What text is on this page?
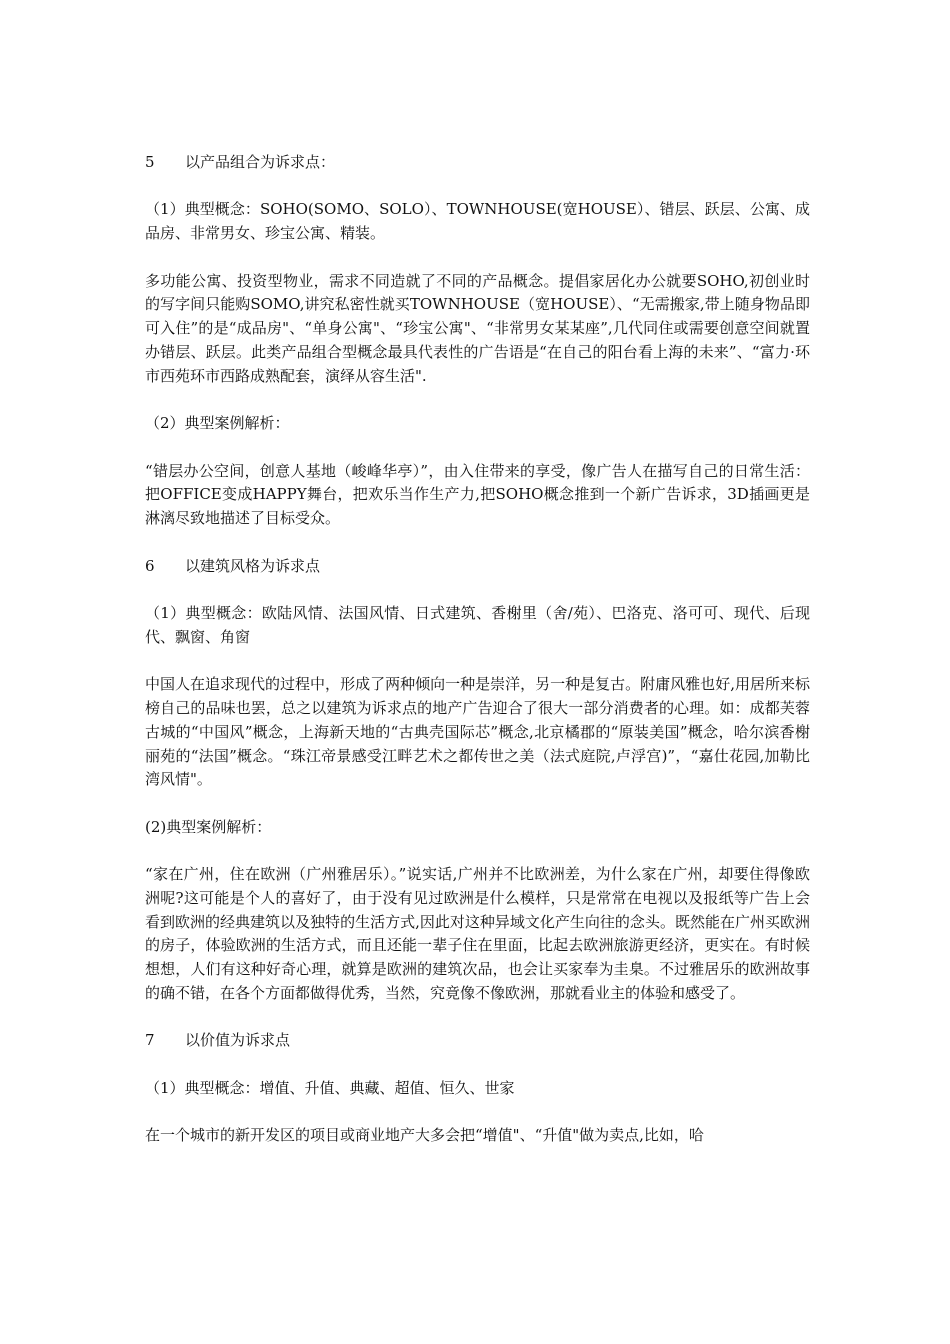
5 以产品组合为诉求点：

（1）典型概念：SOHO(SOMO、SOLO）、TOWNHOUSE(宽HOUSE）、错层、跃层、公寓、成品房、非常男女、珍宝公寓、精装。

多功能公寓、投资型物业，需求不同造就了不同的产品概念。提倡家居化办公就要SOHO,初创业时的写字间只能购SOMO,讲究私密性就买TOWNHOUSE（宽HOUSE）、“无需搬家,带上随身物品即可入住”的是“成品房"、“单身公寓"、“珍宝公寓"、“非常男女某某座”,几代同住或需要创意空间就置办错层、跃层。此类产品组合型概念最具代表性的广告语是“在自己的阳台看上海的未来”、“富力·环市西苑环市西路成熟配套，演绎从容生活".

（2）典型案例解析：

“错层办公空间，创意人基地（峻峰华亭）”，由入住带来的享受，像广告人在描写自己的日常生活：把OFFICE变成HAPPY舞台，把欢乐当作生产力,把SOHO概念推到一个新广告诉求，3D插画更是淋漓尽致地描述了目标受众。

6 以建筑风格为诉求点

（1）典型概念：欧陆风情、法国风情、日式建筑、香榭里（舍/苑）、巴洛克、洛可可、现代、后现代、飘窗、角窗

中国人在追求现代的过程中，形成了两种倾向一种是崇洋，另一种是复古。附庸风雅也好,用居所来标榜自己的品味也罢，总之以建筑为诉求点的地产广告迎合了很大一部分消费者的心理。如：成都芙蓉古城的“中国风”概念，上海新天地的“古典壳国际芯”概念,北京橘郡的“原装美国”概念，哈尔滨香榭丽苑的“法国”概念。“珠江帝景感受江畔艺术之都传世之美（法式庭院,卢浮宫)”，“嘉仕花园,加勒比湾风情"。

(2)典型案例解析：

“家在广州，住在欧洲（广州雅居乐）。”说实话,广州并不比欧洲差，为什么家在广州，却要住得像欧洲呢?这可能是个人的喜好了，由于没有见过欧洲是什么模样，只是常常在电视以及报纸等广告上会看到欧洲的经典建筑以及独特的生活方式,因此对这种异域文化产生向往的念头。既然能在广州买欧洲的房子，体验欧洲的生活方式，而且还能一辈子住在里面，比起去欧洲旅游更经济，更实在。有时候想想，人们有这种好奇心理，就算是欧洲的建筑次品，也会让买家奉为圭臬。不过雅居乐的欧洲故事的确不错，在各个方面都做得优秀，当然，究竟像不像欧洲，那就看业主的体验和感受了。

7 以价值为诉求点

（1）典型概念：增值、升值、典藏、超值、恒久、世家

在一个城市的新开发区的项目或商业地产大多会把“增值"、“升值"做为卖点,比如，哈
